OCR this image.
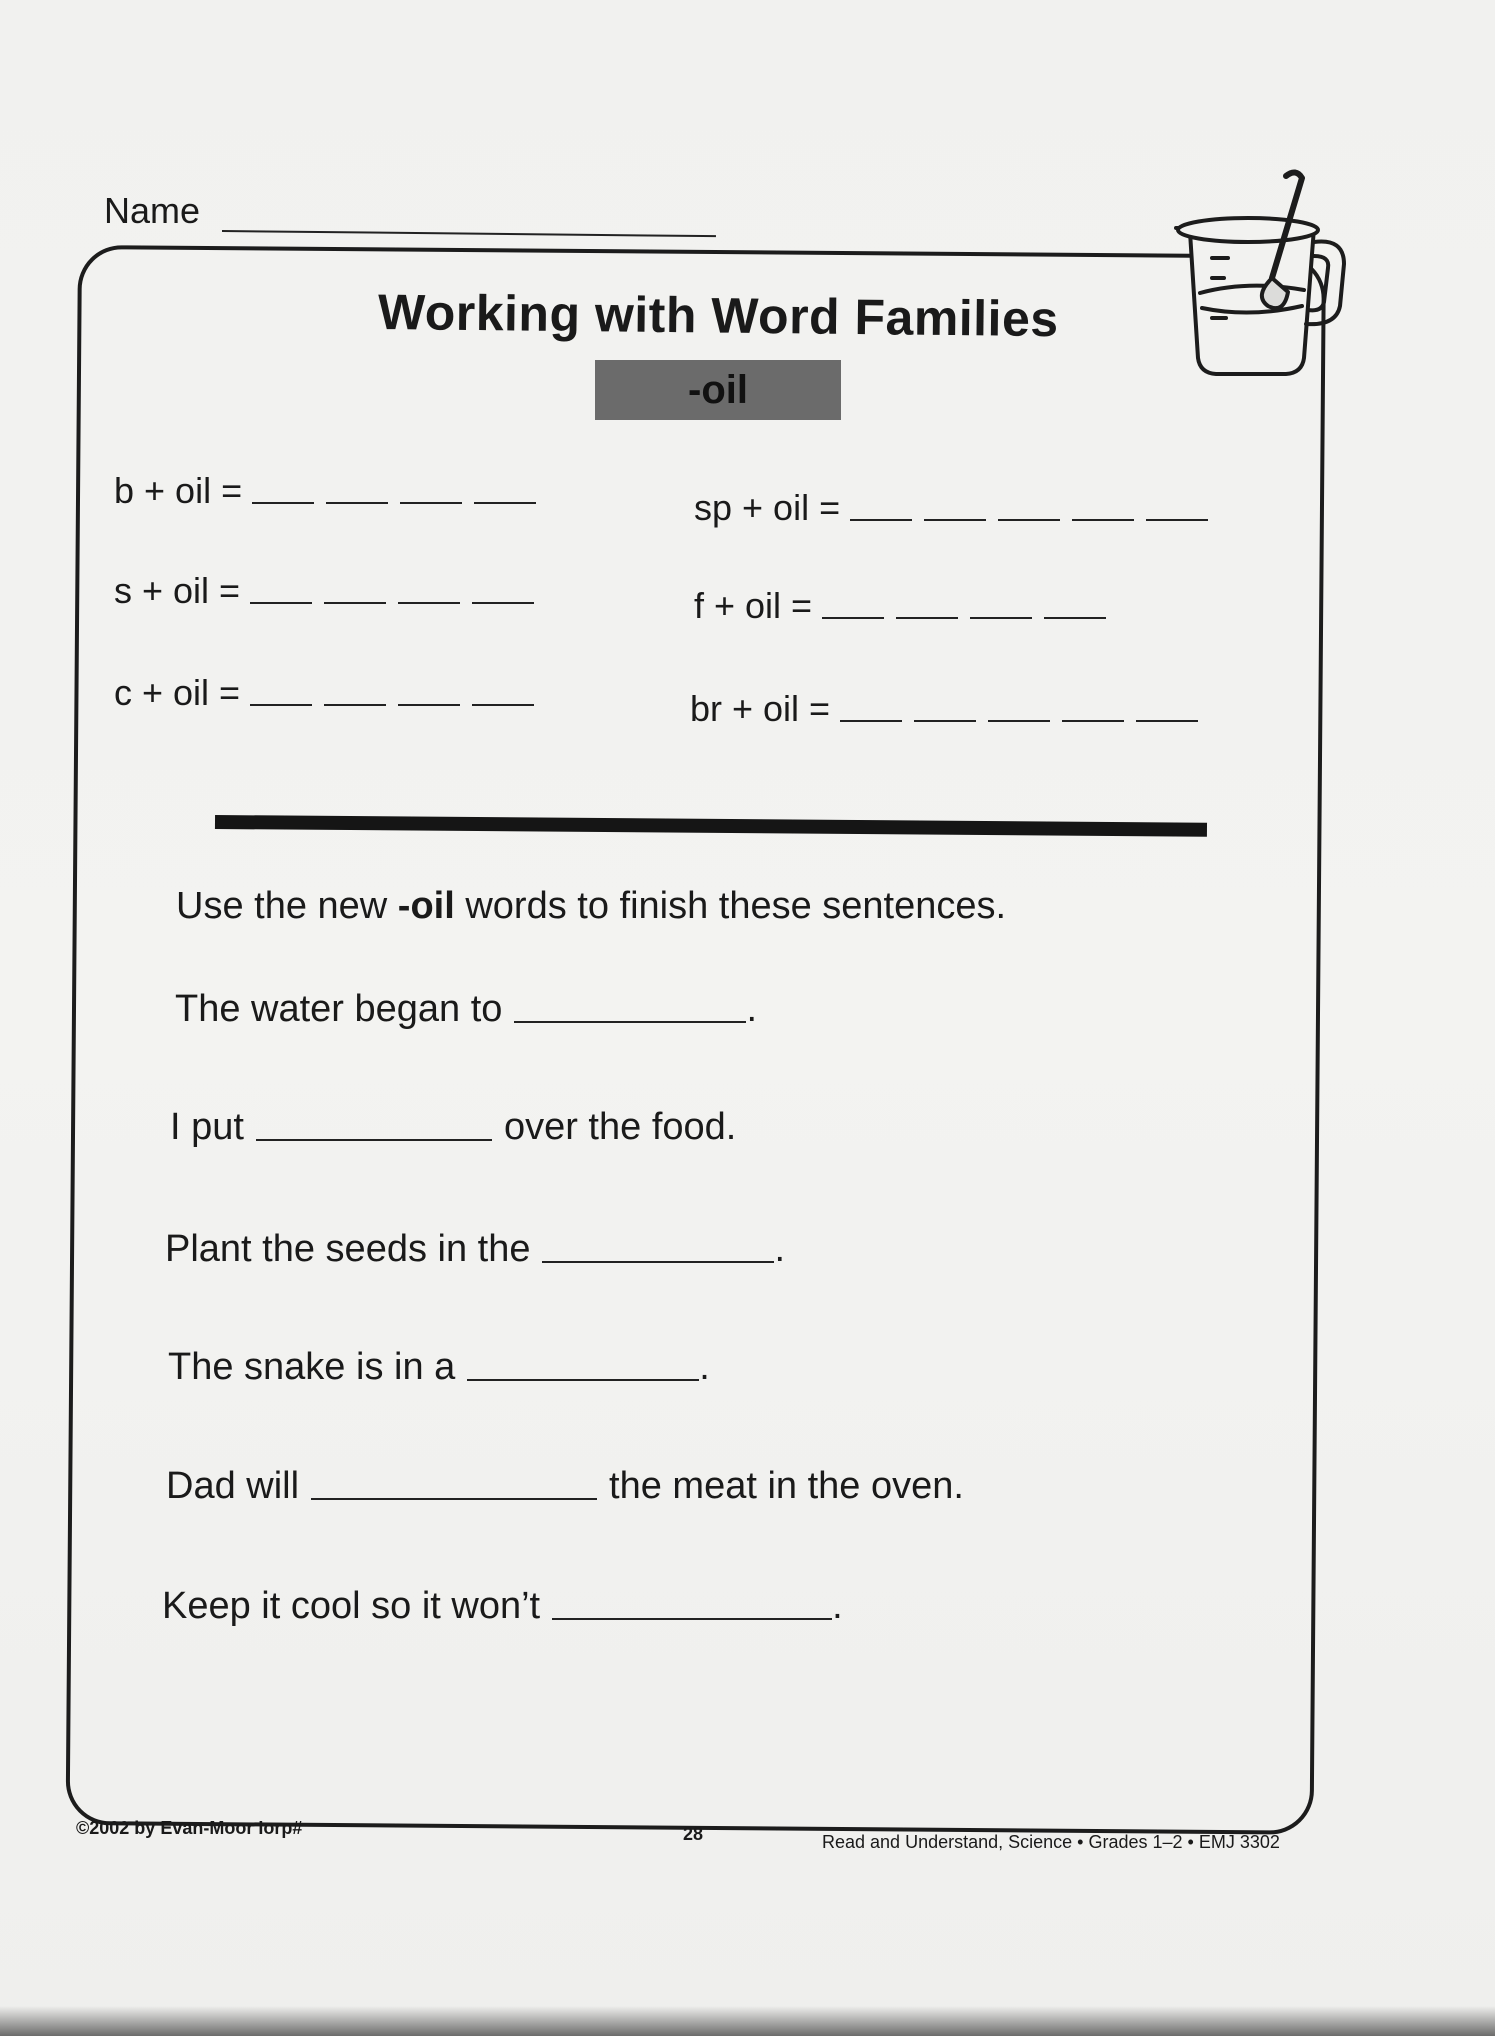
Name
Working with Word Families
-oil
b + oil =	sp + oil =
s + oil =	f + oil =
c + oil =	br + oil =
Use the new -oil words to finish these sentences.
The water began to	.
I put	over the food.
Plant the seeds in the	.
The snake is in a	.
Dad will	the meat in the oven.
Keep it cool so it won’t	.
©2002 by Evan-Moor Iorp#	28	Read and Understand, Science • Grades 1–2 • EMJ 3302
